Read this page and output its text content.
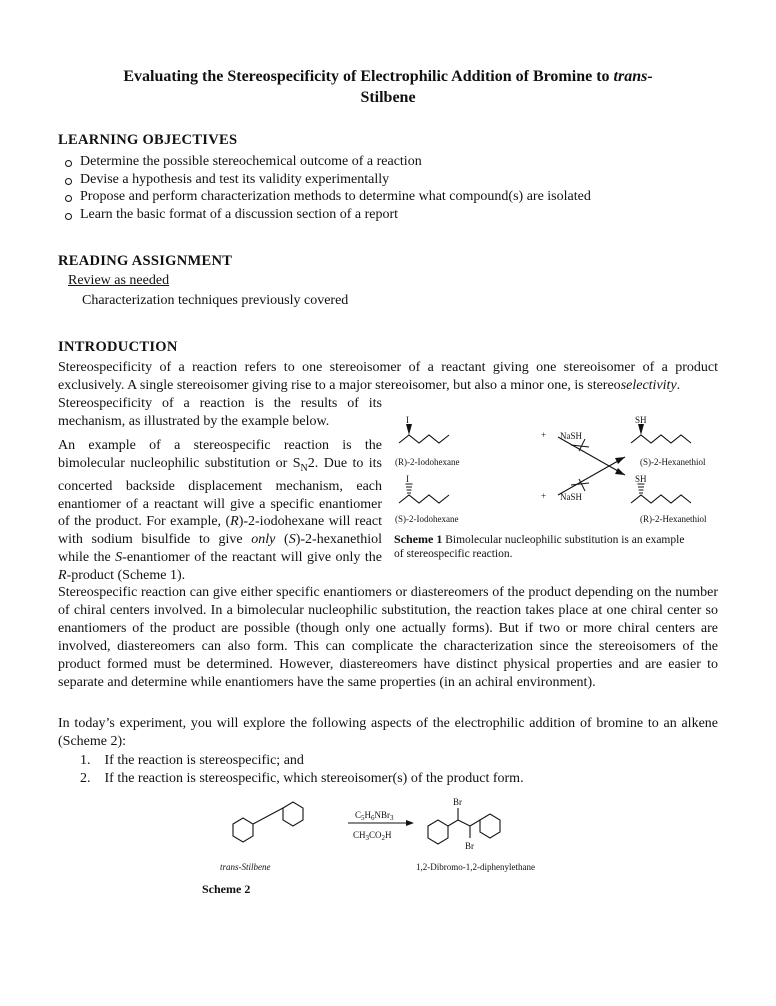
Evaluating the Stereospecificity of Electrophilic Addition of Bromine to trans-
Stilbene
LEARNING OBJECTIVES
Determine the possible stereochemical outcome of a reaction
Devise a hypothesis and test its validity experimentally
Propose and perform characterization methods to determine what compound(s) are isolated
Learn the basic format of a discussion section of a report
READING ASSIGNMENT
Review as needed
Characterization techniques previously covered
INTRODUCTION
Stereospecificity of a reaction refers to one stereoisomer of a reactant giving one stereoisomer of a product exclusively. A single stereoisomer giving rise to a major stereoisomer, but also a minor one, is stereoselectivity.
Stereospecificity of a reaction is the results of its mechanism, as illustrated by the example below.
An example of a stereospecific reaction is the bimolecular nucleophilic substitution or $S_N2$. Due to its concerted backside displacement mechanism, each enantiomer of a reactant will give a specific enantiomer of the product. For example, (R)-2-iodohexane will react with sodium bisulfide to give only (S)-2-hexanethiol while the S-enantiomer of the reactant will give only the R-product (Scheme 1).
I
I
SH
SH
+
+
NaSH
NaSH
(R)-2-Iodohexane
(S)-2-Iodohexane
(S)-2-Hexanethiol
(R)-2-Hexanethiol
Scheme 1 Bimolecular nucleophilic substitution is an example of stereospecific reaction.
Stereospecific reaction can give either specific enantiomers or diastereomers of the product depending on the number of chiral centers involved. In a bimolecular nucleophilic substitution, the reaction takes place at one chiral center so enantiomers of the product are possible (though only one actually forms). But if two or more chiral centers are involved, diastereomers can also form. This can complicate the characterization since the stereoisomers of the product formed must be determined. However, diastereomers have distinct physical properties and are easier to separate and determine while enantiomers have the same properties (in an achiral environment).
In today’s experiment, you will explore the following aspects of the electrophilic addition of bromine to an alkene (Scheme 2):
1. If the reaction is stereospecific; and
2. If the reaction is stereospecific, which stereoisomer(s) of the product form.
$C_5H_6NBr_3$
$CH_3CO_2H$
Br
Br
trans-Stilbene	1,2-Dibromo-1,2-diphenylethane
Scheme 2
